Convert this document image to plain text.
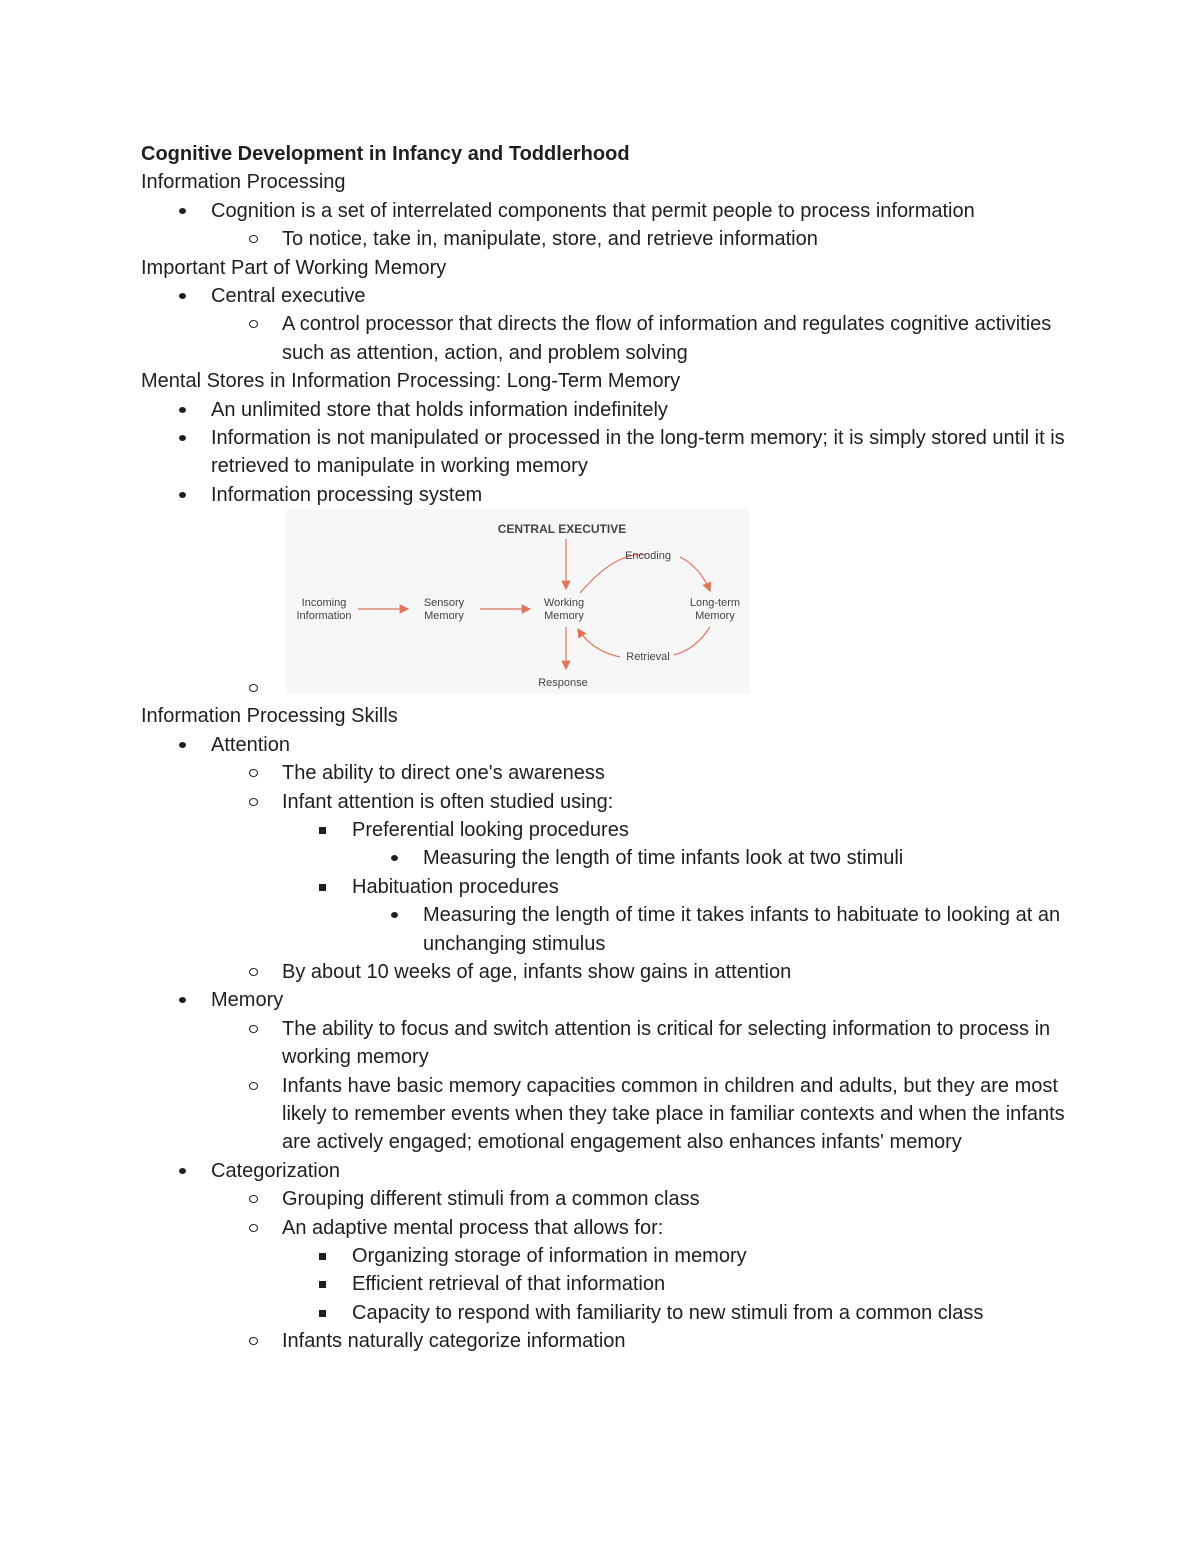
Cognitive Development in Infancy and Toddlerhood
Information Processing
Cognition is a set of interrelated components that permit people to process information
To notice, take in, manipulate, store, and retrieve information
Important Part of Working Memory
Central executive
A control processor that directs the flow of information and regulates cognitive activities such as attention, action, and problem solving
Mental Stores in Information Processing: Long-Term Memory
An unlimited store that holds information indefinitely
Information is not manipulated or processed in the long-term memory; it is simply stored until it is retrieved to manipulate in working memory
Information processing system
CENTRAL EXECUTIVE
Incoming
Information
Sensory
Memory
Working
Memory
Response
Long-term
Memory
Encoding
Retrieval
Information Processing Skills
Attention
The ability to direct one's awareness
Infant attention is often studied using:
Preferential looking procedures
Measuring the length of time infants look at two stimuli
Habituation procedures
Measuring the length of time it takes infants to habituate to looking at an unchanging stimulus
By about 10 weeks of age, infants show gains in attention
Memory
The ability to focus and switch attention is critical for selecting information to process in working memory
Infants have basic memory capacities common in children and adults, but they are most likely to remember events when they take place in familiar contexts and when the infants are actively engaged; emotional engagement also enhances infants' memory
Categorization
Grouping different stimuli from a common class
An adaptive mental process that allows for:
Organizing storage of information in memory
Efficient retrieval of that information
Capacity to respond with familiarity to new stimuli from a common class
Infants naturally categorize information
